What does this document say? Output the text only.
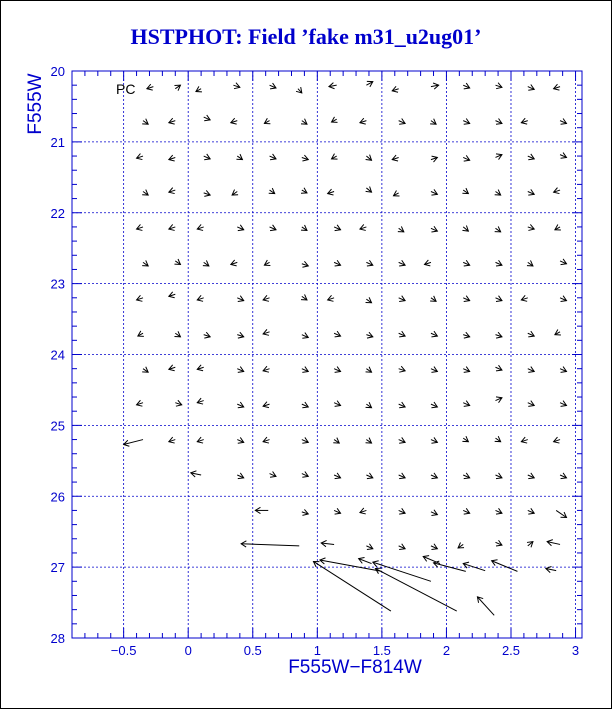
HSTPHOT: Field ’fake m31_u2ug01’
−0.5	0	0.5	1	1.5	2	2.5	3
20
21
22
23
24
25
26
27
28
PC
F555W−F814W
F555W
